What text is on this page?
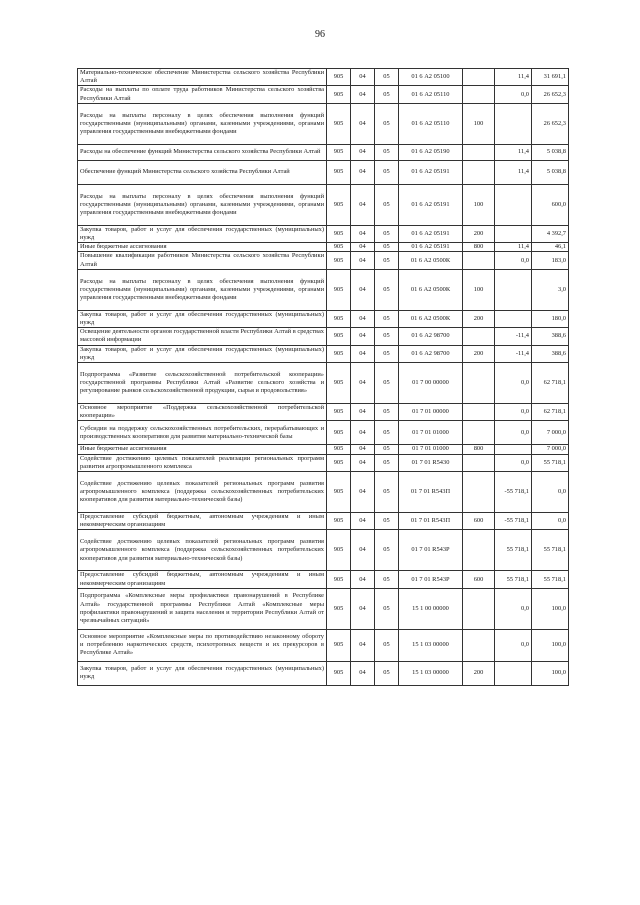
96
Материально-техническое обеспечение Министерства сельского хозяйства Республики Алтай	905	04	05	01 6 А2 05100		11,4	31 691,1
Расходы на выплаты по оплате труда работников Министерства сельского хозяйства Республики Алтай	905	04	05	01 6 А2 05110		0,0	26 652,3
Расходы на выплаты персоналу в целях обеспечения выполнения функций государственными (муниципальными) органами, казенными учреждениями, органами управления государственными внебюджетными фондами	905	04	05	01 6 А2 05110	100		26 652,3
Расходы на обеспечение функций Министерства сельского хозяйства Республики Алтай	905	04	05	01 6 А2 05190		11,4	5 038,8
Обеспечение функций Министерства сельского хозяйства Республики Алтай	905	04	05	01 6 А2 05191		11,4	5 038,8
Расходы на выплаты персоналу в целях обеспечения выполнения функций государственными (муниципальными) органами, казенными учреждениями, органами управления государственными внебюджетными фондами	905	04	05	01 6 А2 05191	100		600,0
Закупка товаров, работ и услуг для обеспечения государственных (муниципальных) нужд	905	04	05	01 6 А2 05191	200		4 392,7
Иные бюджетные ассигнования	905	04	05	01 6 А2 05191	800	11,4	46,1
Повышение квалификации работников Министерства сельского хозяйства Республики Алтай	905	04	05	01 6 А2 0500К		0,0	183,0
Расходы на выплаты персоналу в целях обеспечения выполнения функций государственными (муниципальными) органами, казенными учреждениями, органами управления государственными внебюджетными фондами	905	04	05	01 6 А2 0500К	100		3,0
Закупка товаров, работ и услуг для обеспечения государственных (муниципальных) нужд	905	04	05	01 6 А2 0500К	200		180,0
Освещение деятельности органов государственной власти Республики Алтай в средствах массовой информации	905	04	05	01 6 А2 98700		-11,4	388,6
Закупка товаров, работ и услуг для обеспечения государственных (муниципальных) нужд	905	04	05	01 6 А2 98700	200	-11,4	388,6
Подпрограмма «Развитие сельскохозяйственной потребительской кооперации» государственной программы Республики Алтай «Развитие сельского хозяйства и регулирование рынков сельскохозяйственной продукции, сырья и продовольствия»	905	04	05	01 7 00 00000		0,0	62 718,1
Основное мероприятие «Поддержка сельскохозяйственной потребительской кооперации»	905	04	05	01 7 01 00000		0,0	62 718,1
Субсидии на поддержку сельскохозяйственных потребительских, перерабатывающих и производственных кооперативов для развития материально-технической базы	905	04	05	01 7 01 01000		0,0	7 000,0
Иные бюджетные ассигнования	905	04	05	01 7 01 01000	800		7 000,0
Содействие достижению целевых показателей реализации региональных программ развития агропромышленного комплекса	905	04	05	01 7 01 R5430		0,0	55 718,1
Содействие достижению целевых показателей региональных программ развития агропромышленного комплекса (поддержка сельскохозяйственных потребительских кооперативов для развития материально-технической базы)	905	04	05	01 7 01 R543П		-55 718,1	0,0
Предоставление субсидий бюджетным, автономным учреждениям и иным некоммерческим организациям	905	04	05	01 7 01 R543П	600	-55 718,1	0,0
Содействие достижению целевых показателей региональных программ развития агропромышленного комплекса (поддержка сельскохозяйственных потребительских кооперативов для развития материально-технической базы)	905	04	05	01 7 01 R543Р		55 718,1	55 718,1
Предоставление субсидий бюджетным, автономным учреждениям и иным некоммерческим организациям	905	04	05	01 7 01 R543Р	600	55 718,1	55 718,1
Подпрограмма «Комплексные меры профилактики правонарушений в Республике Алтай» государственной программы Республики Алтай «Комплексные меры профилактики правонарушений и защита населения и территории Республики Алтай от чрезвычайных ситуаций»	905	04	05	15 1 00 00000		0,0	100,0
Основное мероприятие «Комплексные меры по противодействию незаконному обороту и потреблению наркотических средств, психотропных веществ и их прекурсоров в Республике Алтай»	905	04	05	15 1 03 00000		0,0	100,0
Закупка товаров, работ и услуг для обеспечения государственных (муниципальных) нужд	905	04	05	15 1 03 00000	200		100,0
